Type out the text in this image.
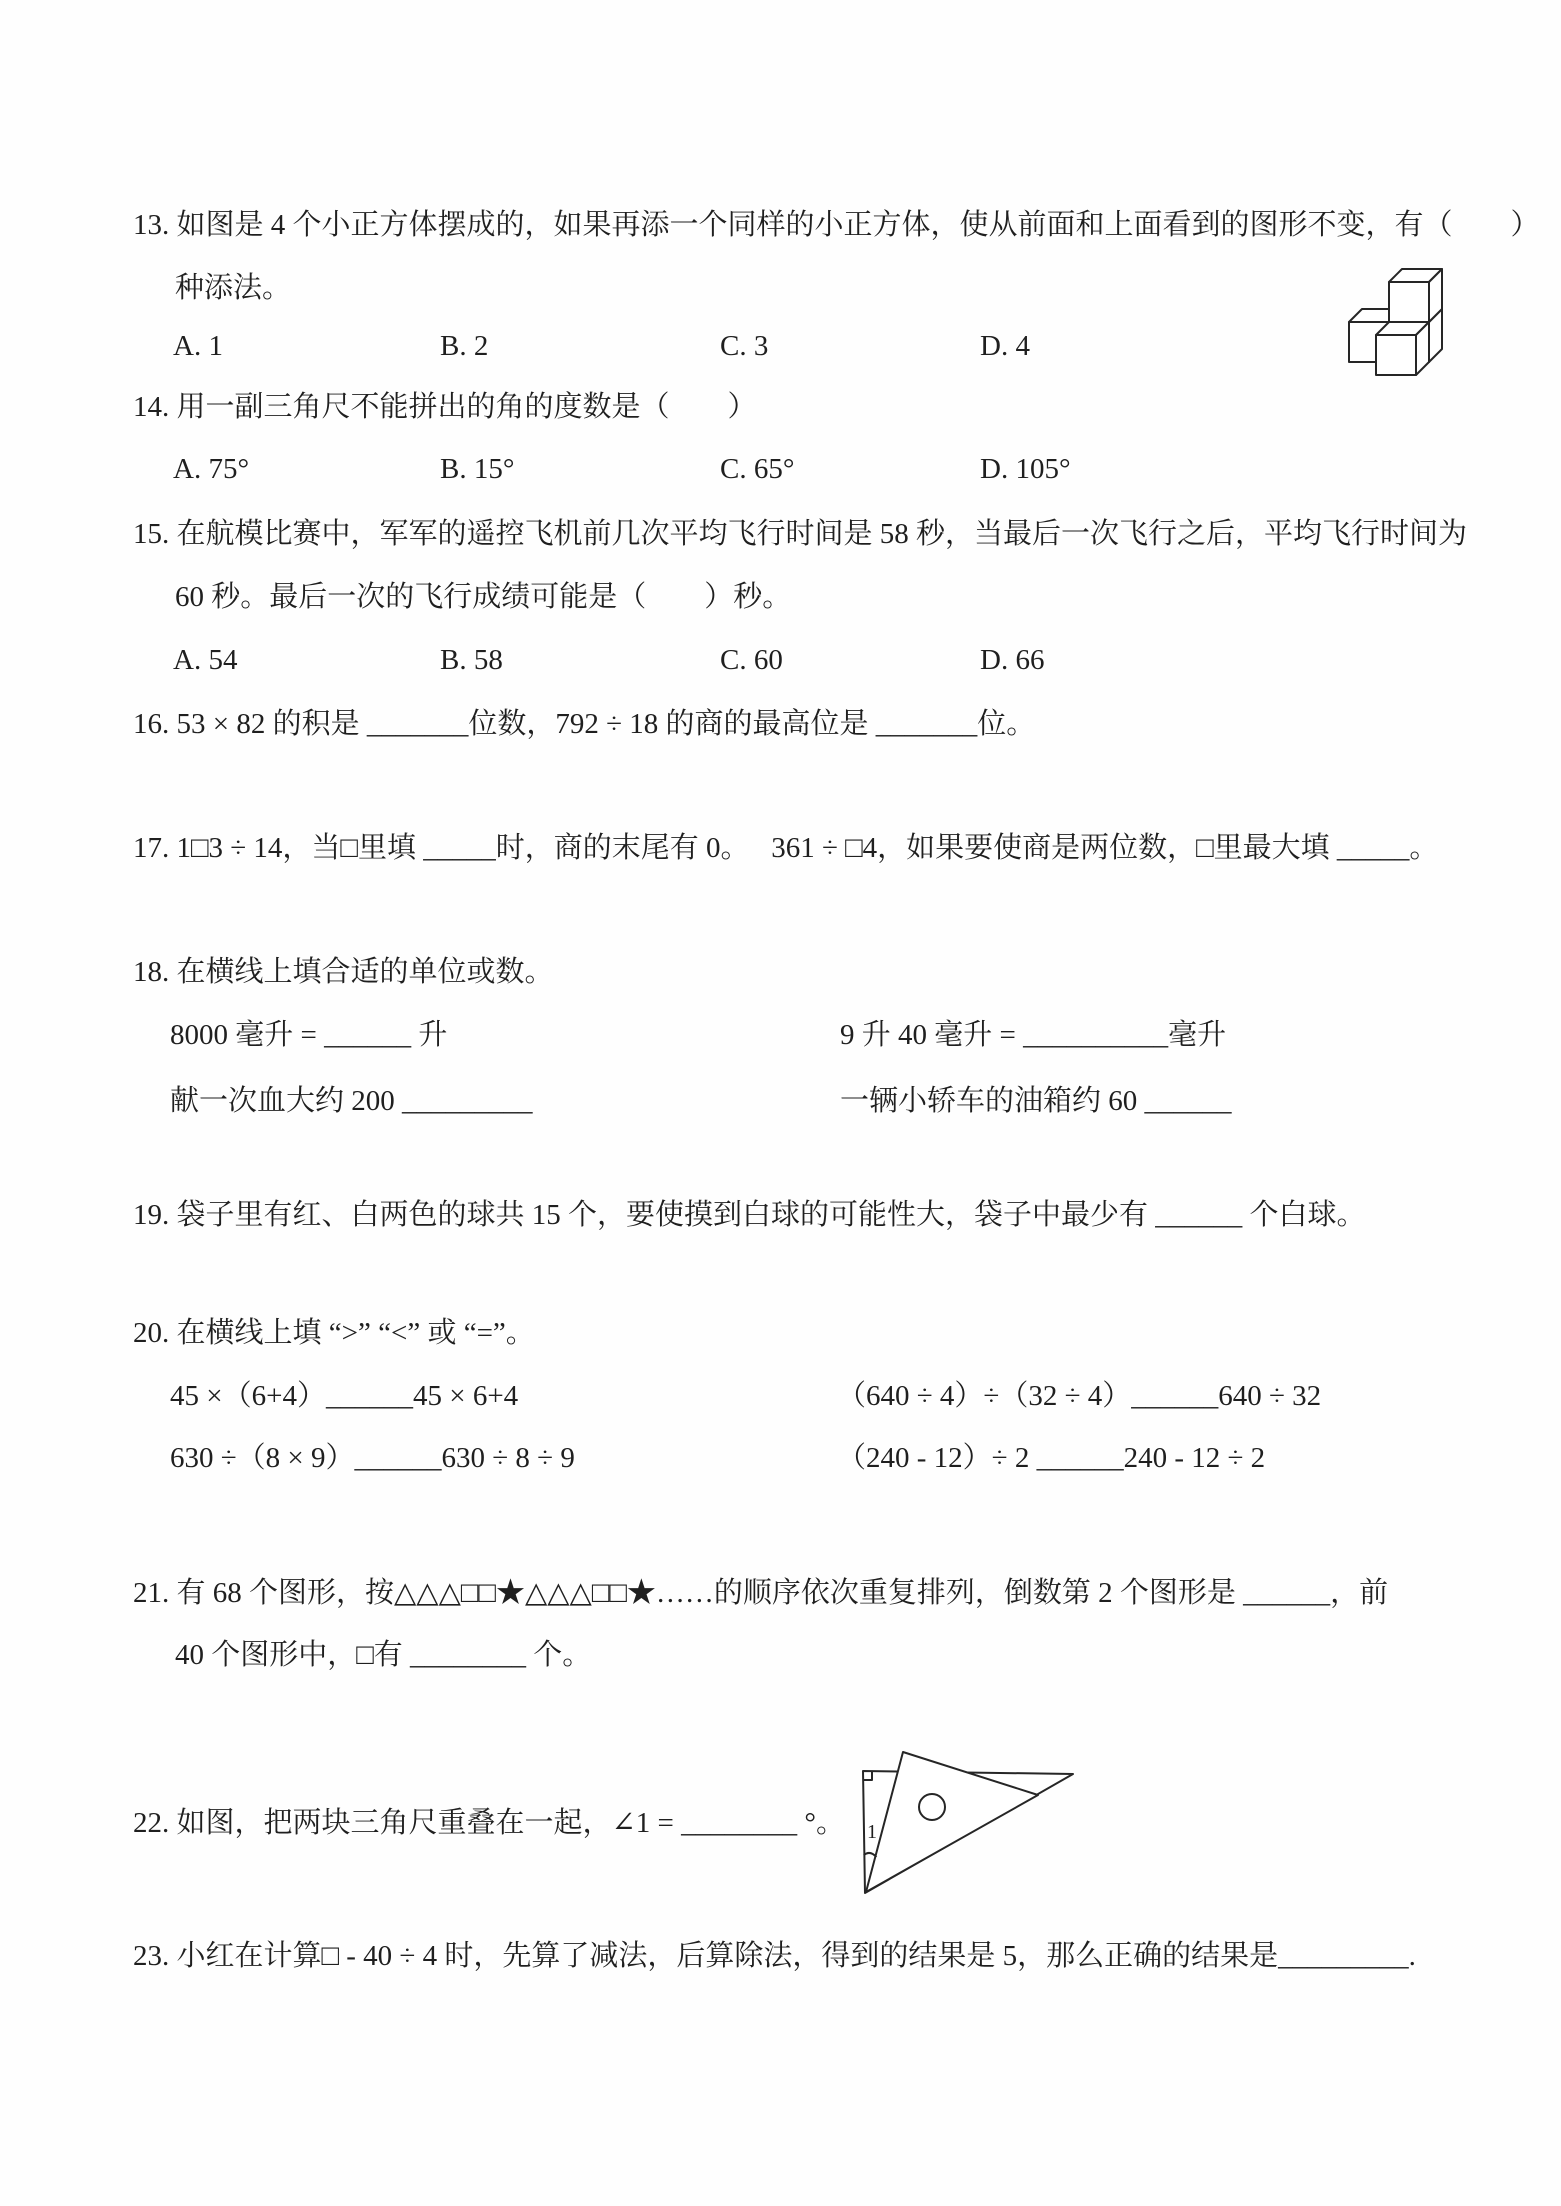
13. 如图是 4 个小正方体摆成的，如果再添一个同样的小正方体，使从前面和上面看到的图形不变，有（　　）
种添法。
A. 1	B. 2	C. 3	D. 4
14. 用一副三角尺不能拼出的角的度数是（　　）
A. 75°	B. 15°	C. 65°	D. 105°
15. 在航模比赛中，军军的遥控飞机前几次平均飞行时间是 58 秒，当最后一次飞行之后，平均飞行时间为
60 秒。最后一次的飞行成绩可能是（　　）秒。
A. 54	B. 58	C. 60	D. 66
16. 53 × 82 的积是 _______位数，792 ÷ 18 的商的最高位是 _______位。
17. 1□3 ÷ 14，当□里填 _____时，商的末尾有 0。　 361 ÷ □4，如果要使商是两位数，□里最大填 _____。
18. 在横线上填合适的单位或数。
8000 毫升 = ______ 升	9 升 40 毫升 = __________毫升
献一次血大约 200 _________	一辆小轿车的油箱约 60 ______
19. 袋子里有红、白两色的球共 15 个，要使摸到白球的可能性大，袋子中最少有 ______ 个白球。
20. 在横线上填 “>” “<” 或 “=”。
45 ×（6+4）______45 × 6+4	（640 ÷ 4）÷（32 ÷ 4）______640 ÷ 32
630 ÷（8 × 9）______630 ÷ 8 ÷ 9	（240 - 12）÷ 2 ______240 - 12 ÷ 2
21. 有 68 个图形，按△△△□□★△△△□□★……的顺序依次重复排列，倒数第 2 个图形是 ______，前
40 个图形中，□有 ________ 个。
22. 如图，把两块三角尺重叠在一起，∠1 = ________ °。 1
23. 小红在计算□ - 40 ÷ 4 时，先算了减法，后算除法，得到的结果是 5，那么正确的结果是_________.
